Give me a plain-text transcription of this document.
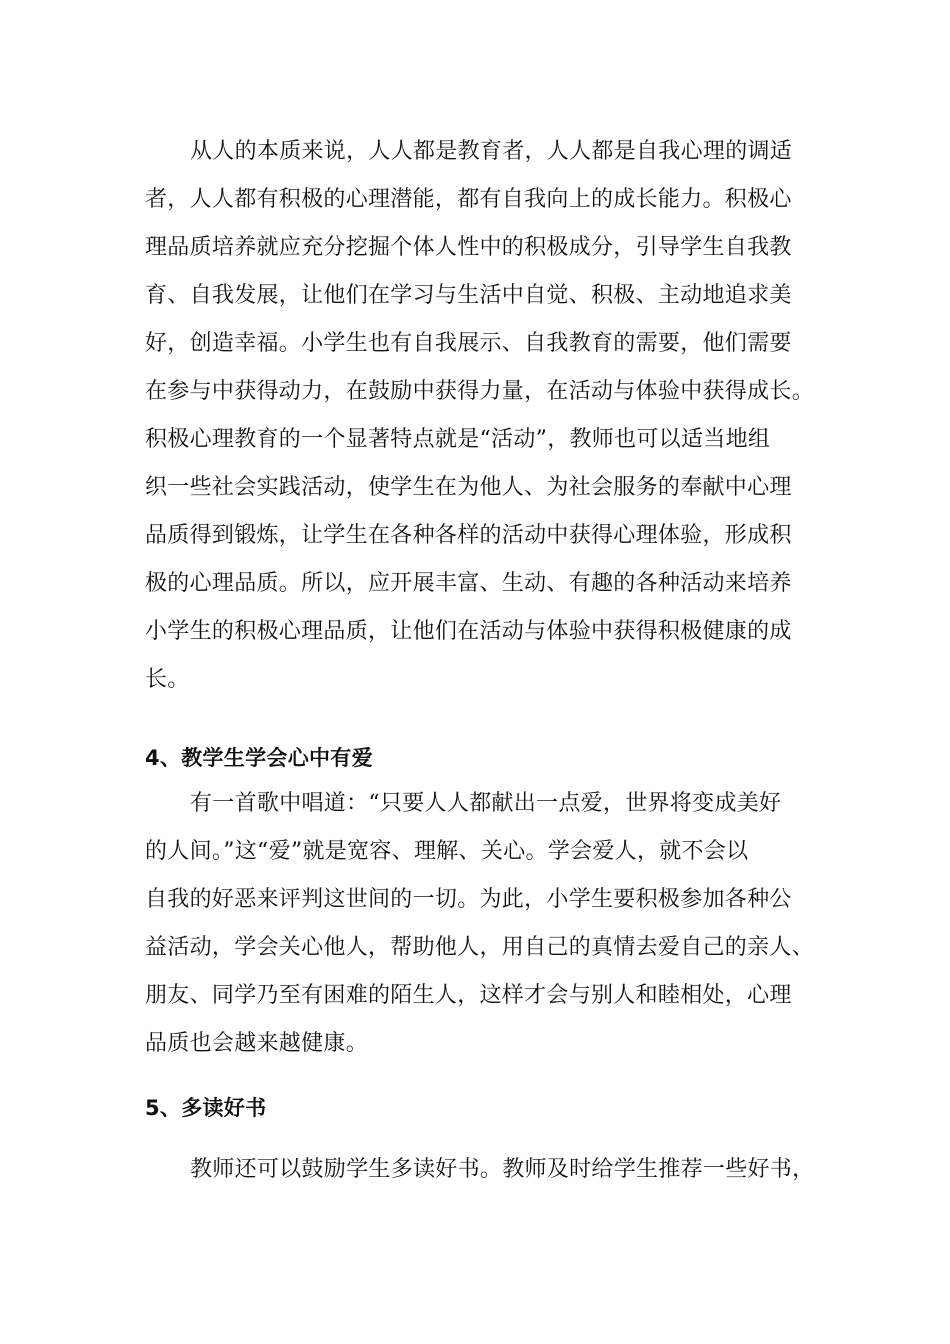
从人的本质来说，人人都是教育者，人人都是自我心理的调适
者，人人都有积极的心理潜能，都有自我向上的成长能力。积极心
理品质培养就应充分挖掘个体人性中的积极成分，引导学生自我教
育、自我发展，让他们在学习与生活中自觉、积极、主动地追求美
好，创造幸福。小学生也有自我展示、自我教育的需要，他们需要
在参与中获得动力，在鼓励中获得力量，在活动与体验中获得成长。
积极心理教育的一个显著特点就是“活动”，教师也可以适当地组
织一些社会实践活动，使学生在为他人、为社会服务的奉献中心理
品质得到锻炼，让学生在各种各样的活动中获得心理体验，形成积
极的心理品质。所以，应开展丰富、生动、有趣的各种活动来培养
小学生的积极心理品质，让他们在活动与体验中获得积极健康的成
长。
4、教学生学会心中有爱
有一首歌中唱道：“只要人人都献出一点爱，世界将变成美好
的人间。”这“爱”就是宽容、理解、关心。学会爱人，就不会以
自我的好恶来评判这世间的一切。为此，小学生要积极参加各种公
益活动，学会关心他人，帮助他人，用自己的真情去爱自己的亲人、
朋友、同学乃至有困难的陌生人，这样才会与别人和睦相处，心理
品质也会越来越健康。
5、多读好书
教师还可以鼓励学生多读好书。教师及时给学生推荐一些好书，
